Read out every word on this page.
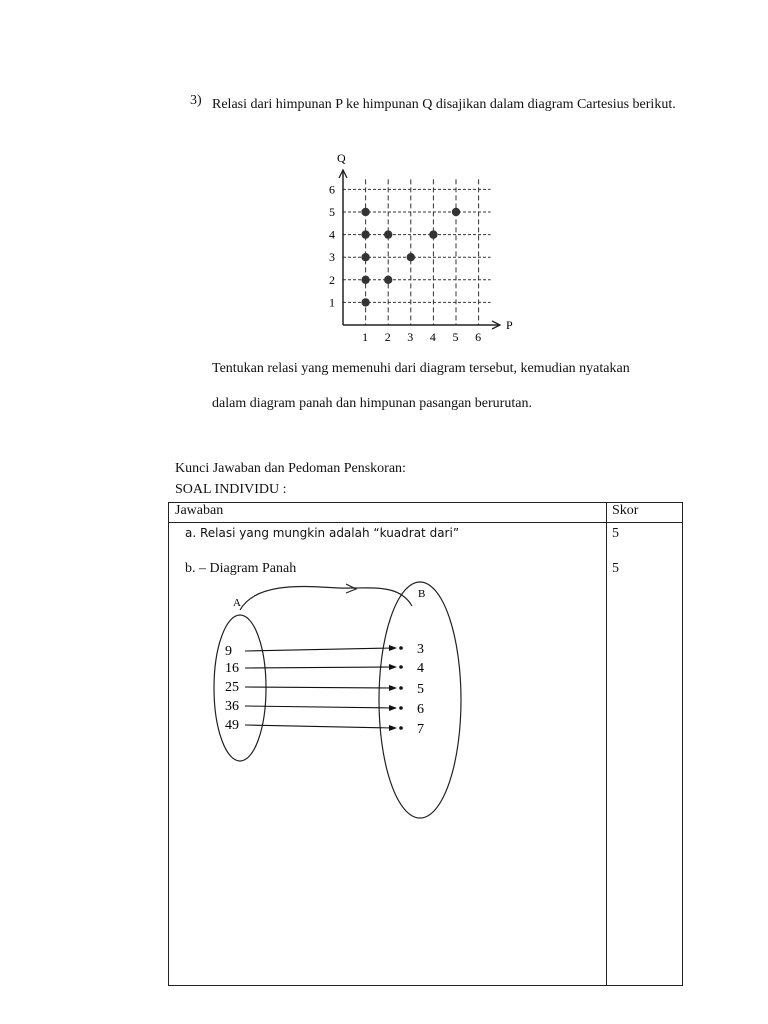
3) Relasi dari himpunan P ke himpunan Q disajikan dalam diagram Cartesius berikut.
Q
P
1
2
3
4
5
6
1 2 3 4 5 6
Tentukan relasi yang memenuhi dari diagram tersebut, kemudian nyatakan
dalam diagram panah dan himpunan pasangan berurutan.
Kunci Jawaban dan Pedoman Penskoran:
SOAL INDIVIDU :
Jawaban	Skor
a. Relasi yang mungkin adalah “kuadrat dari”	5
b. – Diagram Panah	5
A
B
9
16
25
36
49
3
4
5
6
7
